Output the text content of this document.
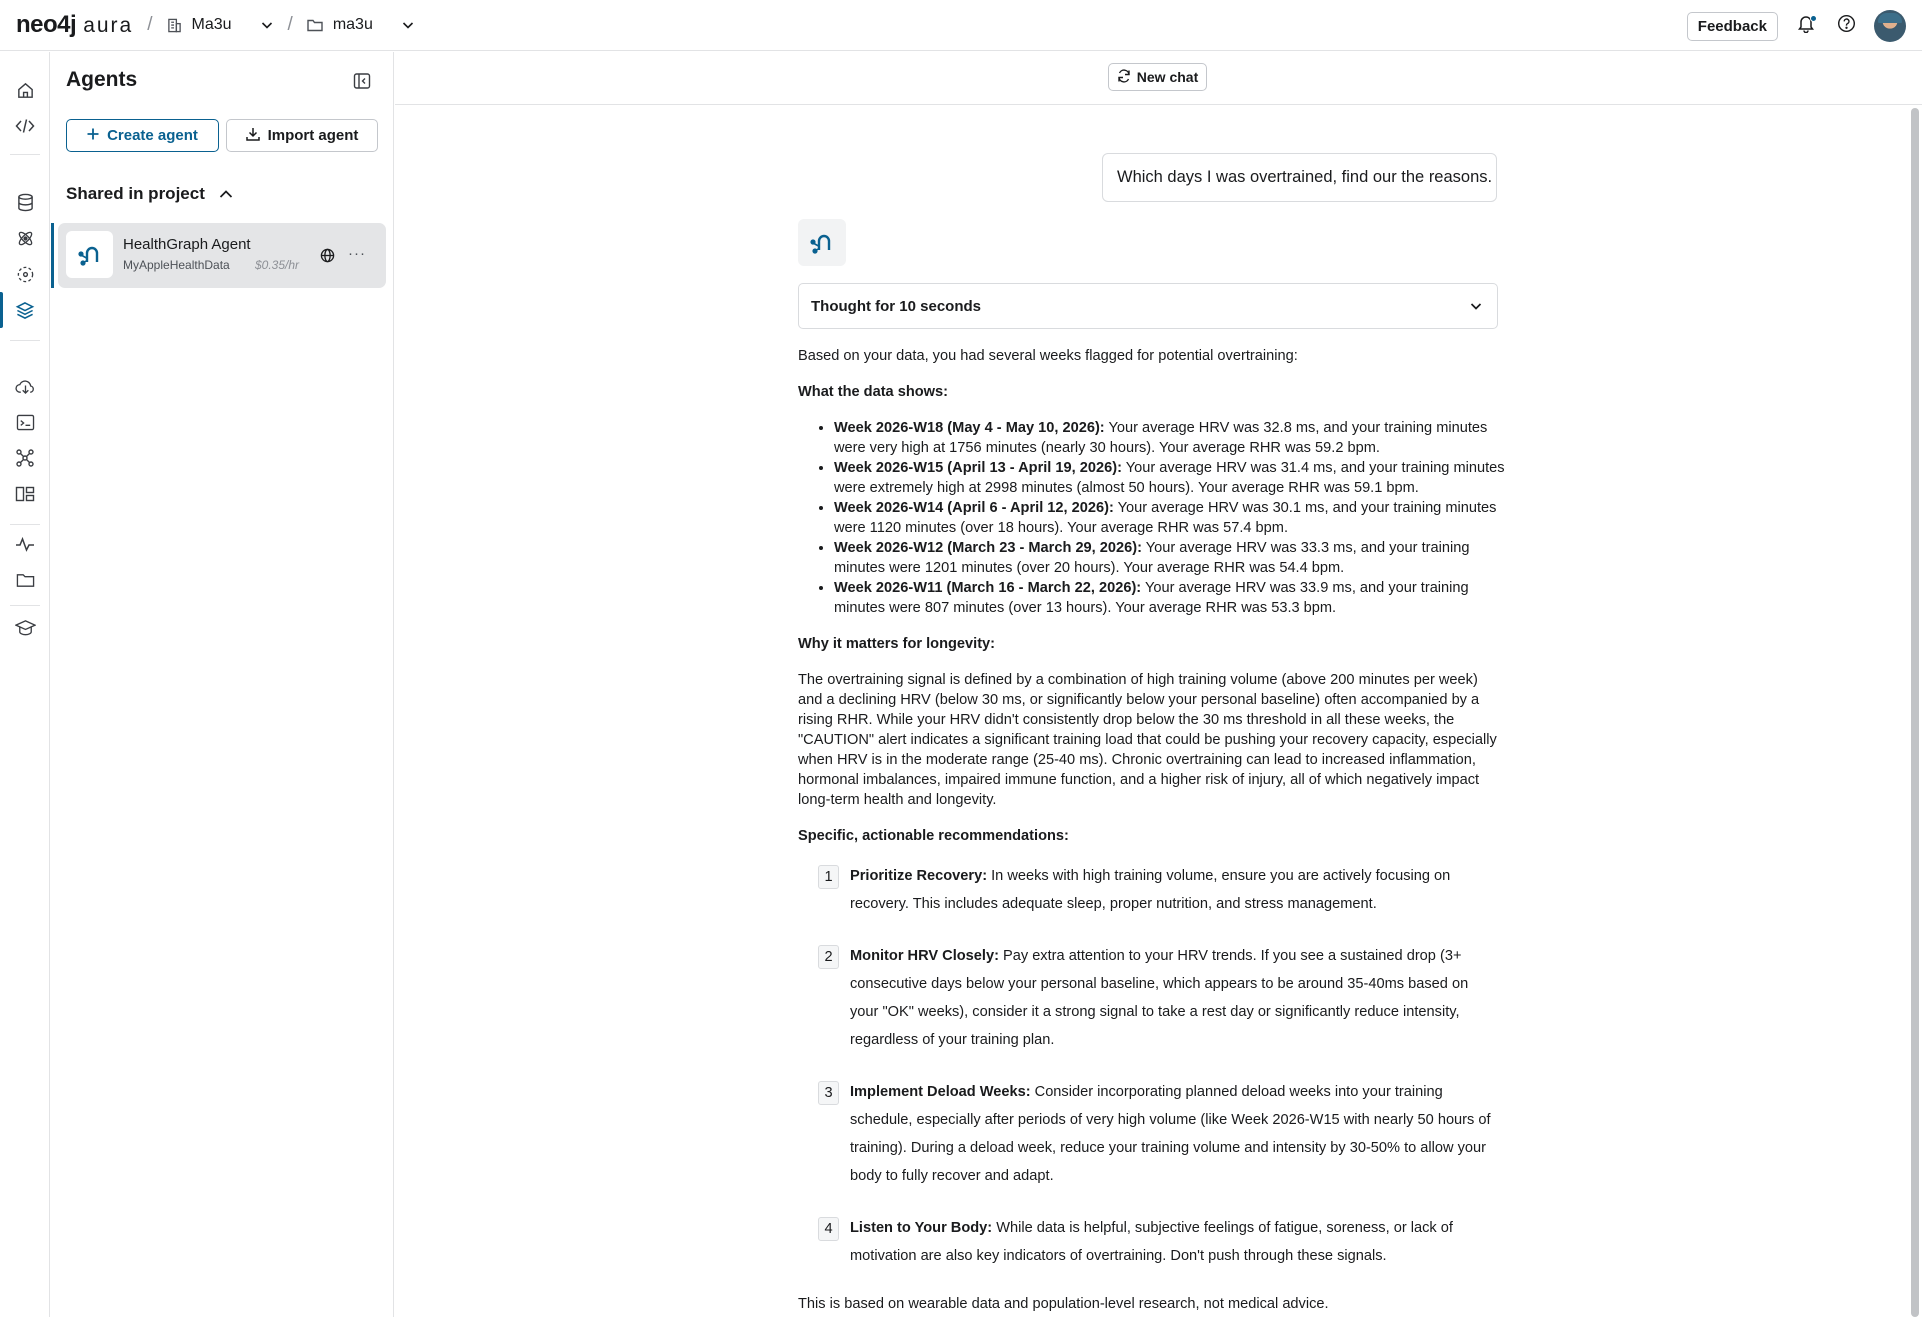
neo4j aura / Ma3u	/	ma3u	Feedback
Agents
Create agent	Import agent
Shared in project
HealthGraph Agent
MyAppleHealthData $0.35/hr
···
New chat
Which days I was overtrained, find our the reasons.
Thought for 10 seconds

Based on your data, you had several weeks flagged for potential overtraining:

What the data shows:
• Week 2026-W18 (May 4 - May 10, 2026): Your average HRV was 32.8 ms, and your training minutes were very high at 1756 minutes (nearly 30 hours). Your average RHR was 59.2 bpm.
• Week 2026-W15 (April 13 - April 19, 2026): Your average HRV was 31.4 ms, and your training minutes were extremely high at 2998 minutes (almost 50 hours). Your average RHR was 59.1 bpm.
• Week 2026-W14 (April 6 - April 12, 2026): Your average HRV was 30.1 ms, and your training minutes were 1120 minutes (over 18 hours). Your average RHR was 57.4 bpm.
• Week 2026-W12 (March 23 - March 29, 2026): Your average HRV was 33.3 ms, and your training minutes were 1201 minutes (over 20 hours). Your average RHR was 54.4 bpm.
• Week 2026-W11 (March 16 - March 22, 2026): Your average HRV was 33.9 ms, and your training minutes were 807 minutes (over 13 hours). Your average RHR was 53.3 bpm.
Why it matters for longevity:

The overtraining signal is defined by a combination of high training volume (above 200 minutes per week) and a declining HRV (below 30 ms, or significantly below your personal baseline) often accompanied by a rising RHR. While your HRV didn't consistently drop below the 30 ms threshold in all these weeks, the "CAUTION" alert indicates a significant training load that could be pushing your recovery capacity, especially when HRV is in the moderate range (25-40 ms). Chronic overtraining can lead to increased inflammation, hormonal imbalances, impaired immune function, and a higher risk of injury, all of which negatively impact long-term health and longevity.

Specific, actionable recommendations:
1	Prioritize Recovery: In weeks with high training volume, ensure you are actively focusing on recovery. This includes adequate sleep, proper nutrition, and stress management.
2	Monitor HRV Closely: Pay extra attention to your HRV trends. If you see a sustained drop (3+ consecutive days below your personal baseline, which appears to be around 35-40ms based on your "OK" weeks), consider it a strong signal to take a rest day or significantly reduce intensity, regardless of your training plan.
3	Implement Deload Weeks: Consider incorporating planned deload weeks into your training schedule, especially after periods of very high volume (like Week 2026-W15 with nearly 50 hours of training). During a deload week, reduce your training volume and intensity by 30-50% to allow your body to fully recover and adapt.
4	Listen to Your Body: While data is helpful, subjective feelings of fatigue, soreness, or lack of motivation are also key indicators of overtraining. Don't push through these signals.

This is based on wearable data and population-level research, not medical advice.
